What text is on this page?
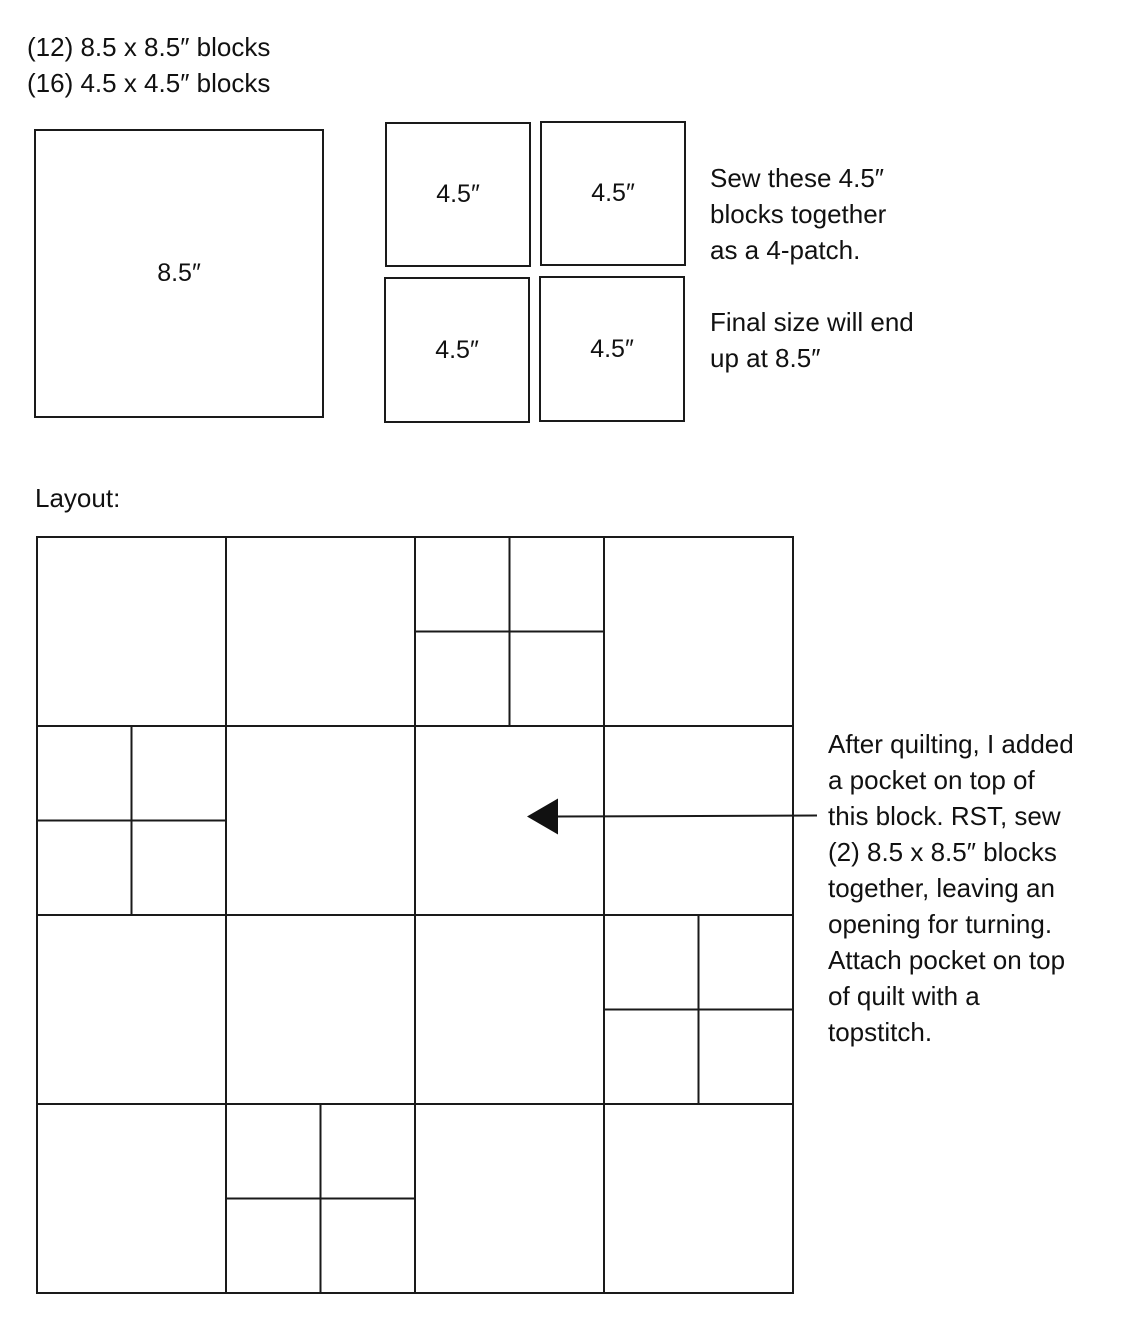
(12) 8.5 x 8.5″ blocks
(16) 4.5 x 4.5″ blocks
8.5″
4.5″	4.5″
4.5″	4.5″
Sew these 4.5″
blocks together
as a 4-patch.
Final size will end
up at 8.5″
Layout:
After quilting, I added
a pocket on top of
this block. RST, sew
(2) 8.5 x 8.5″ blocks
together, leaving an
opening for turning.
Attach pocket on top
of quilt with a
topstitch.
